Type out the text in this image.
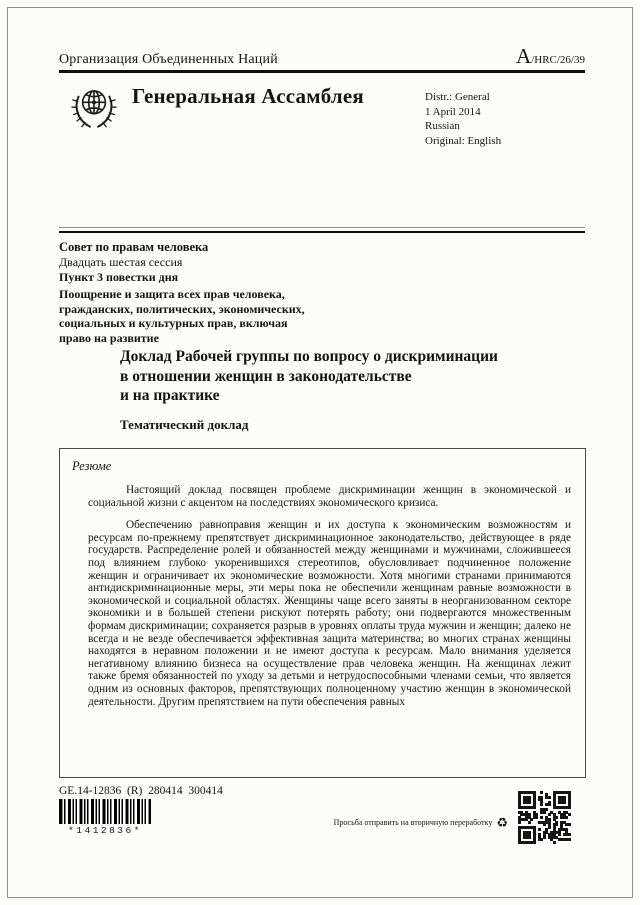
Организация Объединенных Наций	A/HRC/26/39
Генеральная Ассамблея	Distr.: General
1 April 2014
Russian
Original: English
Совет по правам человека
Двадцать шестая сессия
Пункт 3 повестки дня
Поощрение и защита всех прав человека,
гражданских, политических, экономических,
социальных и культурных прав, включая
право на развитие
Доклад Рабочей группы по вопросу о дискриминации
в отношении женщин в законодательстве
и на практике
Тематический доклад
Резюме

Настоящий доклад посвящен проблеме дискриминации женщин в экономической и социальной жизни с акцентом на последствиях экономического кризиса.

Обеспечению равноправия женщин и их доступа к экономическим возможностям и ресурсам по-прежнему препятствует дискриминационное законодательство, действующее в ряде государств. Распределение ролей и обязанностей между женщинами и мужчинами, сложившееся под влиянием глубоко укоренившихся стереотипов, обусловливает подчиненное положение женщин и ограничивает их экономические возможности. Хотя многими странами принимаются антидискриминационные меры, эти меры пока не обеспечили женщинам равные возможности в экономической и социальной областях. Женщины чаще всего заняты в неорганизованном секторе экономики и в большей степени рискуют потерять работу; они подвергаются множественным формам дискриминации; сохраняется разрыв в уровнях оплаты труда мужчин и женщин; далеко не всегда и не везде обеспечивается эффективная защита материнства; во многих странах женщины находятся в неравном положении и не имеют доступа к ресурсам. Мало внимания уделяется негативному влиянию бизнеса на осуществление прав человека женщин. На женщинах лежит также бремя обязанностей по уходу за детьми и нетрудоспособными членами семьи, что является одним из основных факторов, препятствующих полноценному участию женщин в экономической деятельности. Другим препятствием на пути обеспечения равных

GE.14-12836  (R)  280414  300414
*1412836*
Просьба отправить на вторичную переработку ♻
